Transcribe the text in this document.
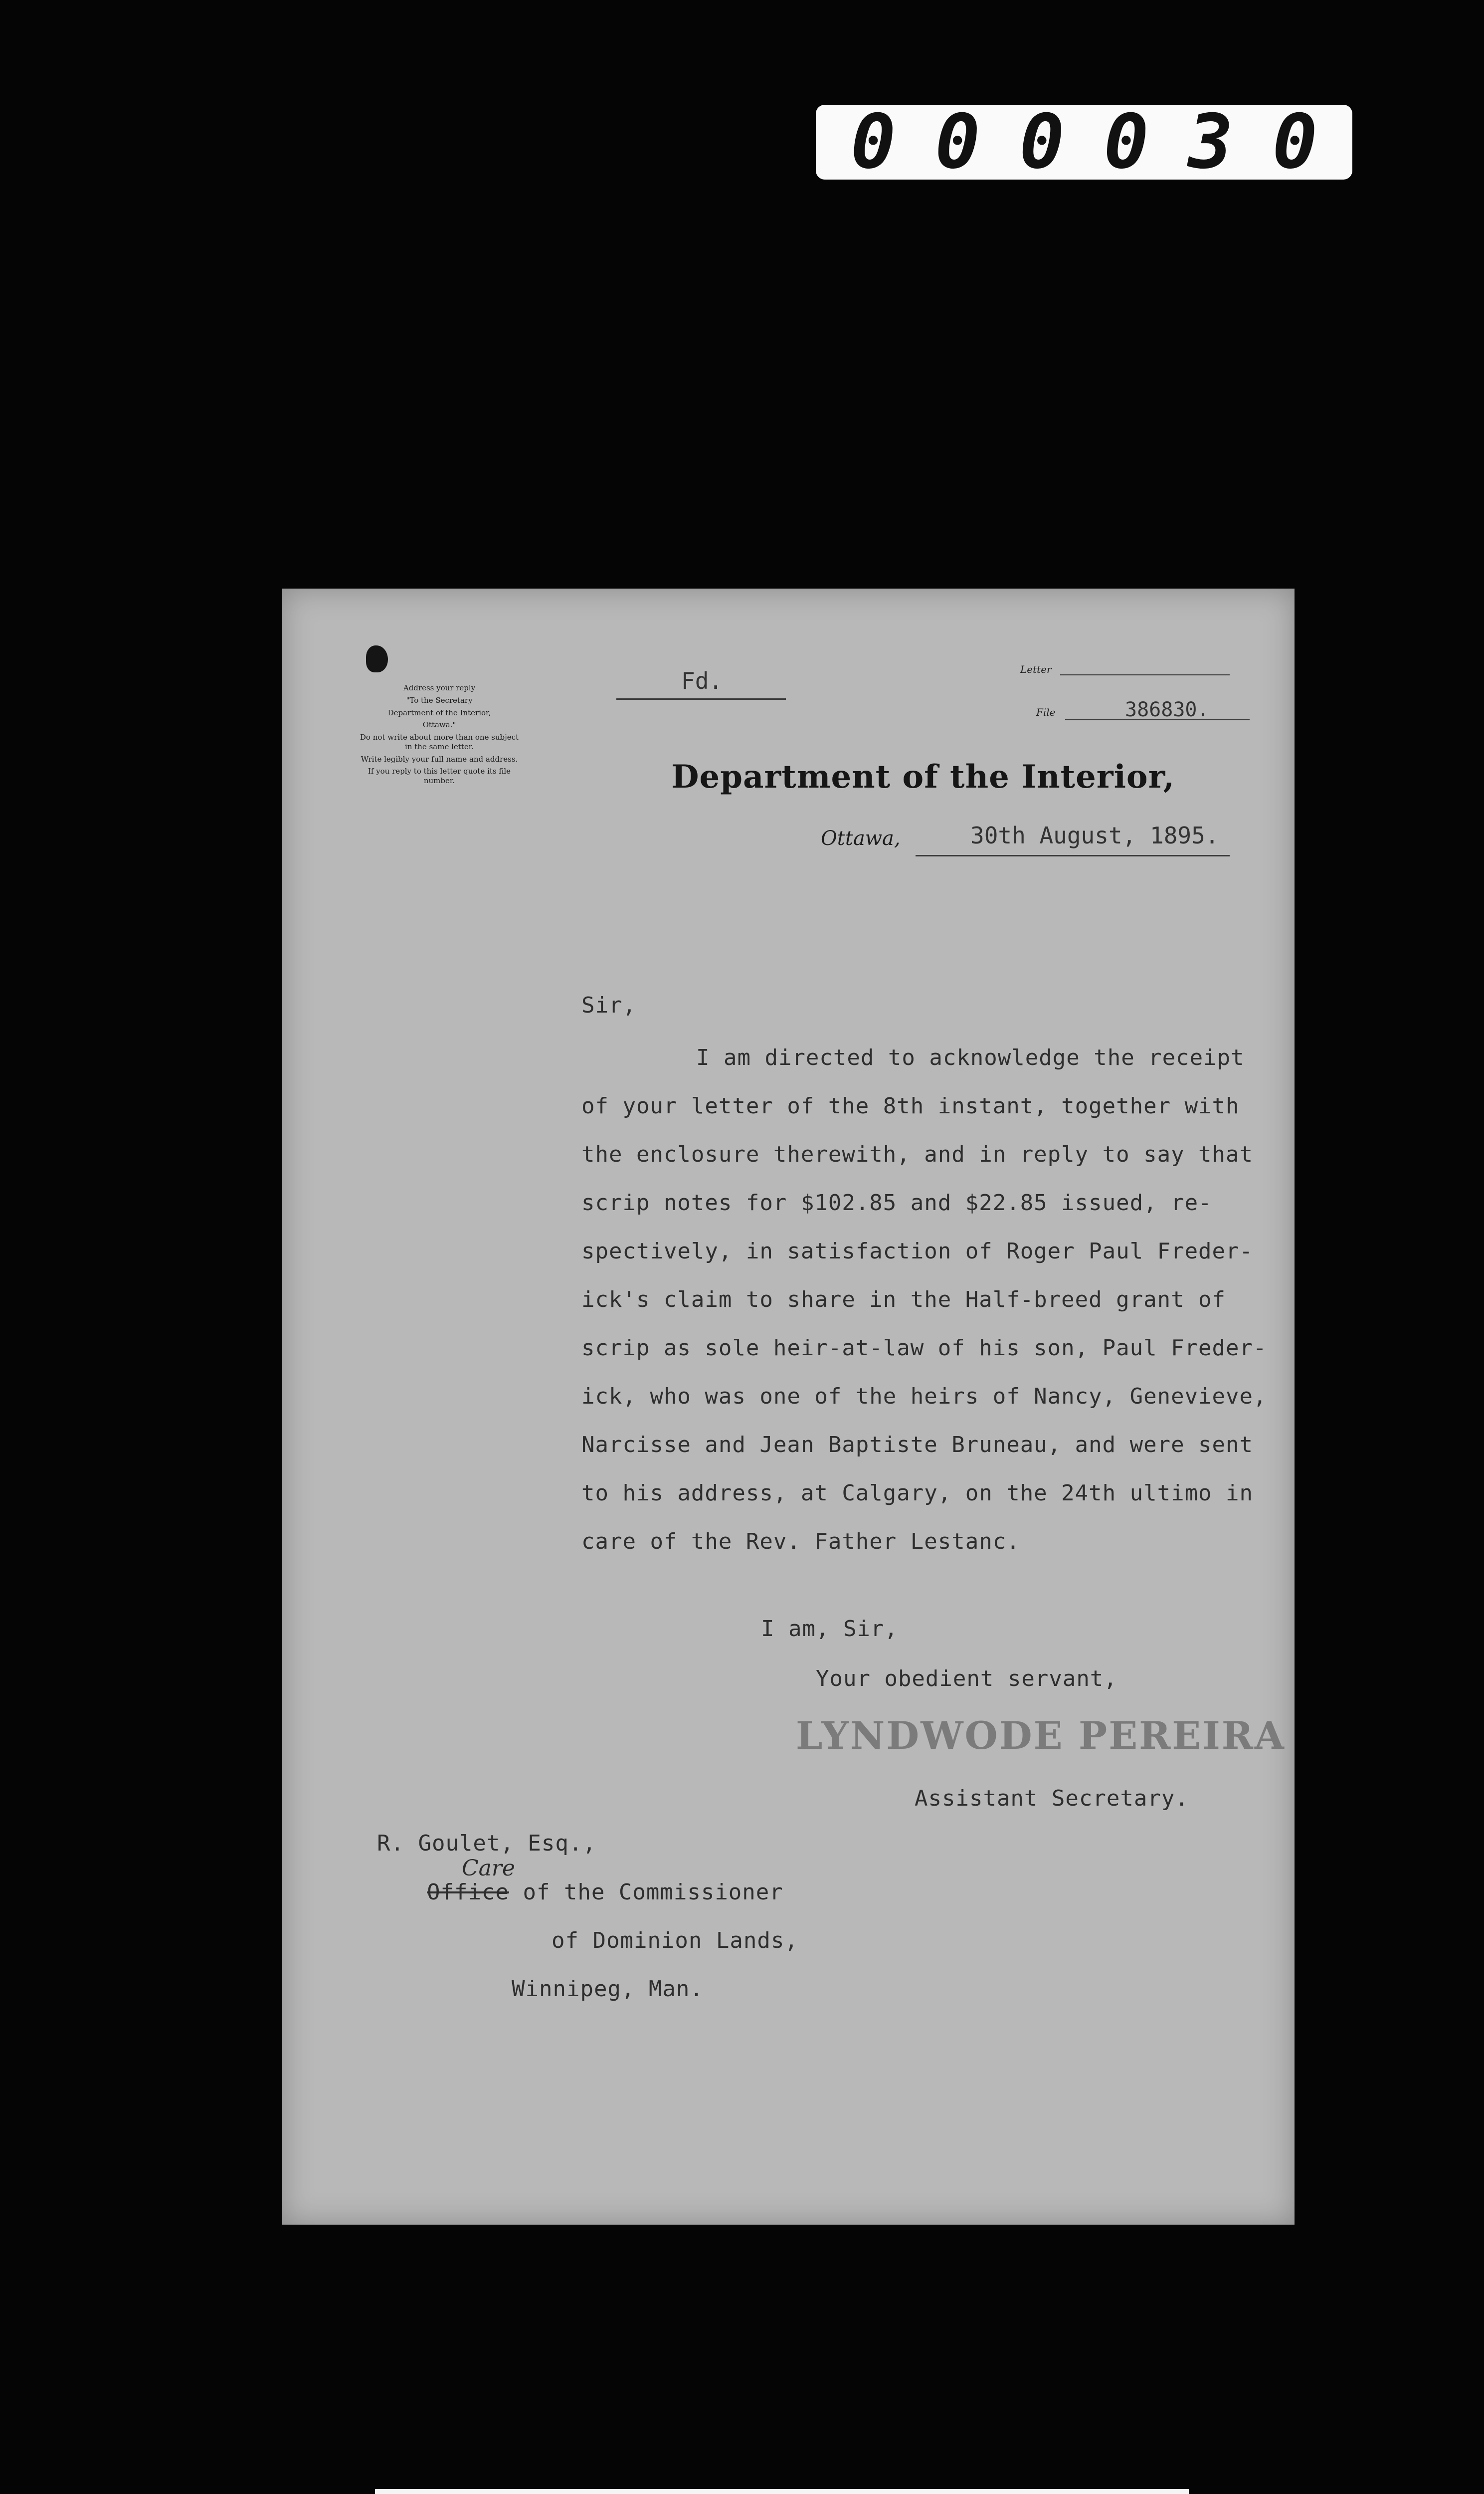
0 0 0 0 3 0
Address your reply
"To the Secretary
Department of the Interior,
Ottawa."
Do not write about more than one subject in the same letter.
Write legibly your full name and address.
If you reply to this letter quote its file number.
Fd.	Letter
File	386830.
Department of the Interior,
Ottawa,	30th August, 1895.
Sir,
I am directed to acknowledge the receipt
of your letter of the 8th instant, together with
the enclosure therewith, and in reply to say that
scrip notes for $102.85 and $22.85 issued, re-
spectively, in satisfaction of Roger Paul Freder-
ick's claim to share in the Half-breed grant of
scrip as sole heir-at-law of his son, Paul Freder-
ick, who was one of the heirs of Nancy, Genevieve,
Narcisse and Jean Baptiste Bruneau, and were sent
to his address, at Calgary, on the 24th ultimo in
care of the Rev. Father Lestanc.
I am, Sir,
Your obedient servant,
LYNDWODE PEREIRA
Assistant Secretary.
R. Goulet, Esq.,
Care
Office of the Commissioner
of Dominion Lands,
Winnipeg, Man.
